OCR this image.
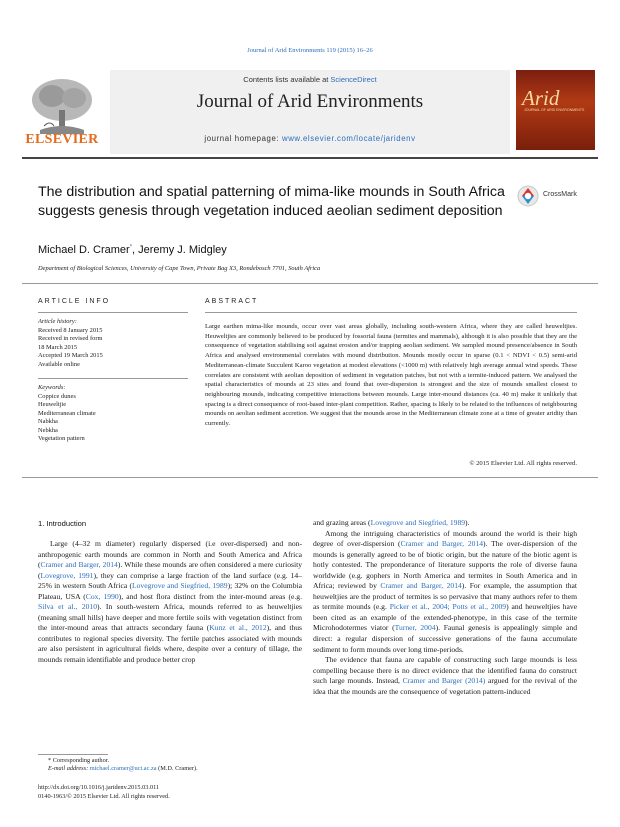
Journal of Arid Environments 119 (2015) 16–26
Contents lists available at ScienceDirect
Journal of Arid Environments
journal homepage: www.elsevier.com/locate/jaridenv
ELSEVIER
Arid
JOURNAL OF ARID ENVIRONMENTS
The distribution and spatial patterning of mima-like mounds in South Africa suggests genesis through vegetation induced aeolian sediment deposition
CrossMark
Michael D. Cramer*, Jeremy J. Midgley
Department of Biological Sciences, University of Cape Town, Private Bag X3, Rondebosch 7701, South Africa
ARTICLE INFO
Article history:
Received 8 January 2015
Received in revised form
18 March 2015
Accepted 19 March 2015
Available online
Keywords:
Coppice dunes
Heuweltjie
Mediterranean climate
Nabkha
Nebkha
Vegetation pattern
ABSTRACT
Large earthen mima-like mounds, occur over vast areas globally, including south-western Africa, where they are called heuweltjies. Heuweltjies are commonly believed to be produced by fossorial fauna (termites and mammals), although it is also possible that they are the consequence of vegetation stabilising soil against erosion and/or trapping aeolian sediment. We sampled mound presence/absence in South Africa and analysed environmental correlates with mound distribution. Mounds mostly occur in sparse (0.1 < NDVI < 0.5) semi-arid Mediterranean-climate Succulent Karoo vegetation at modest elevations (<1000 m) with relatively high average annual wind speeds. These correlates are consistent with aeolian deposition of sediment in vegetation patches, but not with a termite-induced pattern. We analysed the spatial characteristics of mounds at 23 sites and found that over-dispersion is strongest and the size of mounds smallest closest to neighbouring mounds, indicating competitive interactions between mounds. Large inter-mound distances (ca. 40 m) make it unlikely that spacing is a direct consequence of root-based inter-plant competition. Rather, spacing is likely to be related to the influences of neighbouring mounds on aeolian sediment accretion. We suggest that the mounds arose in the Mediterranean climate zone at a time of greater aridity than currently.
© 2015 Elsevier Ltd. All rights reserved.
1. Introduction

Large (4–32 m diameter) regularly dispersed (i.e over-dispersed) and non-anthropogenic earth mounds are common in North and South America and Africa (Cramer and Barger, 2014). While these mounds are often considered a mere curiosity (Lovegrove, 1991), they can comprise a large fraction of the land surface (e.g. 14–25% in western South Africa (Lovegrove and Siegfried, 1989); 32% on the Columbia Plateau, USA (Cox, 1990), and host flora distinct from the inter-mound areas (e.g. Silva et al., 2010). In south-western Africa, mounds referred to as heuweltjies (meaning small hills) have deeper and more fertile soils with vegetation distinct from the inter-mound areas that attracts secondary fauna (Kunz et al., 2012), and thus contributes to regional species diversity. The fertile patches associated with mounds are also persistent in agricultural fields where, despite over a century of tillage, the mounds remain identifiable and produce better crop

and grazing areas (Lovegrove and Siegfried, 1989).

Among the intriguing characteristics of mounds around the world is their high degree of over-dispersion (Cramer and Barger, 2014). The over-dispersion of the mounds is generally agreed to be of biotic origin, but the nature of the biotic agent is hotly contested. The preponderance of literature supports the role of diverse fauna worldwide (e.g. gophers in North America and termites in South America and in Africa; reviewed by Cramer and Barger, 2014). For example, the assumption that heuweltjies are the product of termites is so pervasive that many authors refer to them as termite mounds (e.g. Picker et al., 2004; Potts et al., 2009) and heuweltjies have been cited as an example of the extended-phenotype, in this case of the termite Microhodotermes viator (Turner, 2004). Faunal genesis is appealingly simple and direct: a regular dispersion of successive generations of the fauna accumulate sediment to form mounds over long time-periods.

The evidence that fauna are capable of constructing such large mounds is less compelling because there is no direct evidence that the identified fauna do construct such large mounds. Instead, Cramer and Barger (2014) argued for the revival of the idea that the mounds are the consequence of vegetation pattern-induced

* Corresponding author.
E-mail address: michael.cramer@uct.ac.za (M.D. Cramer).
http://dx.doi.org/10.1016/j.jaridenv.2015.03.011
0140-1963/© 2015 Elsevier Ltd. All rights reserved.
